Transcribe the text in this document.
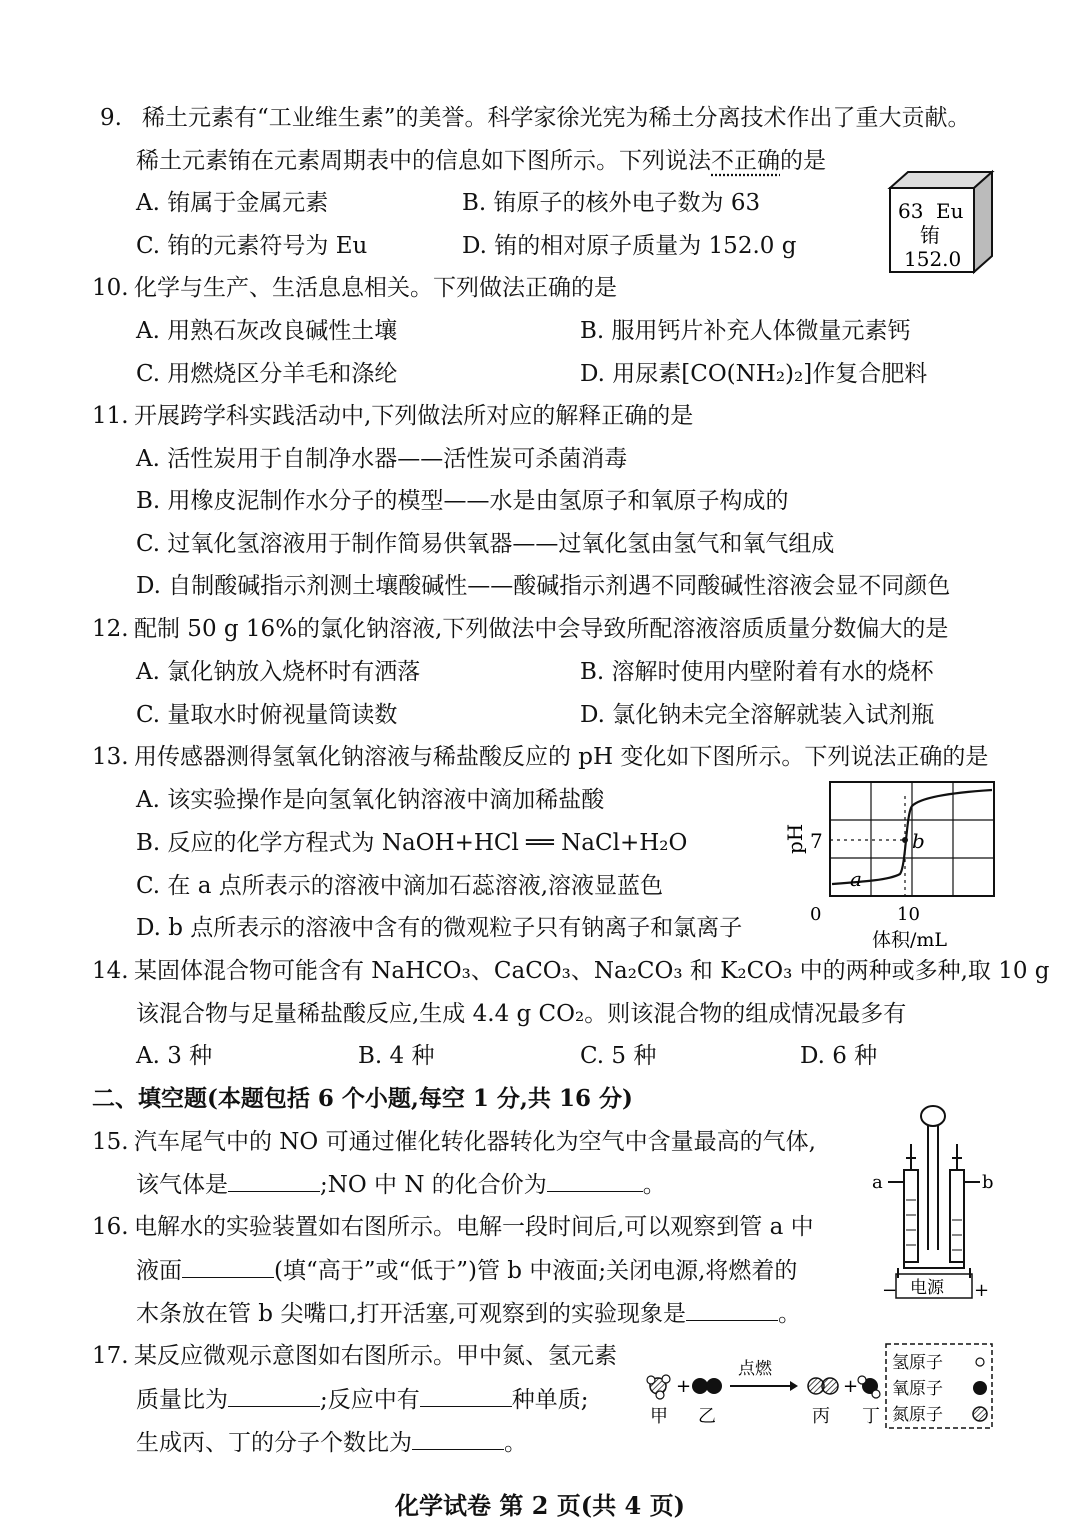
9. 稀土元素有“工业维生素”的美誉。科学家徐光宪为稀土分离技术作出了重大贡献。
稀土元素铕在元素周期表中的信息如下图所示。下列说法不正确的是
A. 铕属于金属元素	B. 铕原子的核外电子数为 63
C. 铕的元素符号为 Eu	D. 铕的相对原子质量为 152.0 g
63 Eu
铕
152.0
10. 化学与生产、生活息息相关。下列做法正确的是
A. 用熟石灰改良碱性土壤	B. 服用钙片补充人体微量元素钙
C. 用燃烧区分羊毛和涤纶	D. 用尿素[CO(NH₂)₂]作复合肥料
11. 开展跨学科实践活动中,下列做法所对应的解释正确的是
A. 活性炭用于自制净水器——活性炭可杀菌消毒
B. 用橡皮泥制作水分子的模型——水是由氢原子和氧原子构成的
C. 过氧化氢溶液用于制作简易供氧器——过氧化氢由氢气和氧气组成
D. 自制酸碱指示剂测土壤酸碱性——酸碱指示剂遇不同酸碱性溶液会显不同颜色
12. 配制 50 g 16%的氯化钠溶液,下列做法中会导致所配溶液溶质质量分数偏大的是
A. 氯化钠放入烧杯时有洒落	B. 溶解时使用内壁附着有水的烧杯
C. 量取水时俯视量筒读数	D. 氯化钠未完全溶解就装入试剂瓶
13. 用传感器测得氢氧化钠溶液与稀盐酸反应的 pH 变化如下图所示。下列说法正确的是
A. 该实验操作是向氢氧化钠溶液中滴加稀盐酸
B. 反应的化学方程式为 NaOH+HCl ══ NaCl+H₂O
C. 在 a 点所表示的溶液中滴加石蕊溶液,溶液显蓝色
D. b 点所表示的溶液中含有的微观粒子只有钠离子和氯离子
pH 7	b
a
0	10
体积/mL
14. 某固体混合物可能含有 NaHCO₃、CaCO₃、Na₂CO₃ 和 K₂CO₃ 中的两种或多种,取 10 g
该混合物与足量稀盐酸反应,生成 4.4 g CO₂。则该混合物的组成情况最多有
A. 3 种	B. 4 种	C. 5 种	D. 6 种
二、填空题(本题包括 6 个小题,每空 1 分,共 16 分)
15. 汽车尾气中的 NO 可通过催化转化器转化为空气中含量最高的气体,
该气体是	;NO 中 N 的化合价为	。
16. 电解水的实验装置如右图所示。电解一段时间后,可以观察到管 a 中
液面	(填“高于”或“低于”)管 b 中液面;关闭电源,将燃着的
木条放在管 b 尖嘴口,打开活塞,可观察到的实验现象是	。
a	b
电源
−	+
17. 某反应微观示意图如右图所示。甲中氮、氢元素
质量比为	;反应中有	种单质;
生成丙、丁的分子个数比为	。
+
点燃
+
甲 乙	丙 丁
氢原子
氧原子
氮原子
化学试卷 第 2 页(共 4 页)
